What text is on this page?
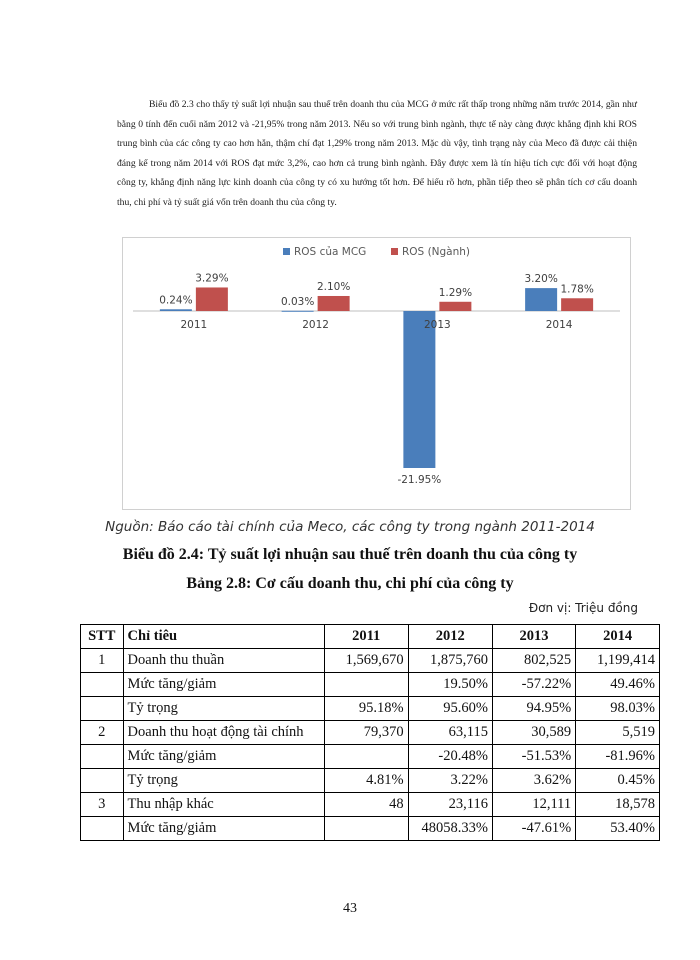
Biểu đồ 2.3 cho thấy tỷ suất lợi nhuận sau thuế trên doanh thu của MCG ở mức rất thấp trong những năm trước 2014, gần như bằng 0 tính đến cuối năm 2012 và -21,95% trong năm 2013. Nếu so với trung bình ngành, thực tế này càng được khẳng định khi ROS trung bình của các công ty cao hơn hẳn, thậm chí đạt 1,29% trong năm 2013. Mặc dù vậy, tình trạng này của Meco đã được cải thiện đáng kể trong năm 2014 với ROS đạt mức 3,2%, cao hơn cả trung bình ngành. Đây được xem là tín hiệu tích cực đối với hoạt động công ty, khẳng định năng lực kinh doanh của công ty có xu hướng tốt hơn. Để hiểu rõ hơn, phần tiếp theo sẽ phân tích cơ cấu doanh thu, chi phí và tỷ suất giá vốn trên doanh thu của công ty.
ROS của MCG	ROS (Ngành)
0.24%
3.29%
2011
0.03%
2.10%
2012
-21.95%
1.29%
2013
3.20%
1.78%
2014
Nguồn: Báo cáo tài chính của Meco, các công ty trong ngành 2011-2014
Biểu đồ 2.4: Tỷ suất lợi nhuận sau thuế trên doanh thu của công ty
Bảng 2.8: Cơ cấu doanh thu, chi phí của công ty
Đơn vị: Triệu đồng
STT	Chỉ tiêu	2011	2012	2013	2014
1	Doanh thu thuần	1,569,670	1,875,760	802,525	1,199,414
	Mức tăng/giảm		19.50%	-57.22%	49.46%
	Tỷ trọng	95.18%	95.60%	94.95%	98.03%
2	Doanh thu hoạt động tài chính	79,370	63,115	30,589	5,519
	Mức tăng/giảm		-20.48%	-51.53%	-81.96%
	Tỷ trọng	4.81%	3.22%	3.62%	0.45%
3	Thu nhập khác	48	23,116	12,111	18,578
	Mức tăng/giảm		48058.33%	-47.61%	53.40%
43
